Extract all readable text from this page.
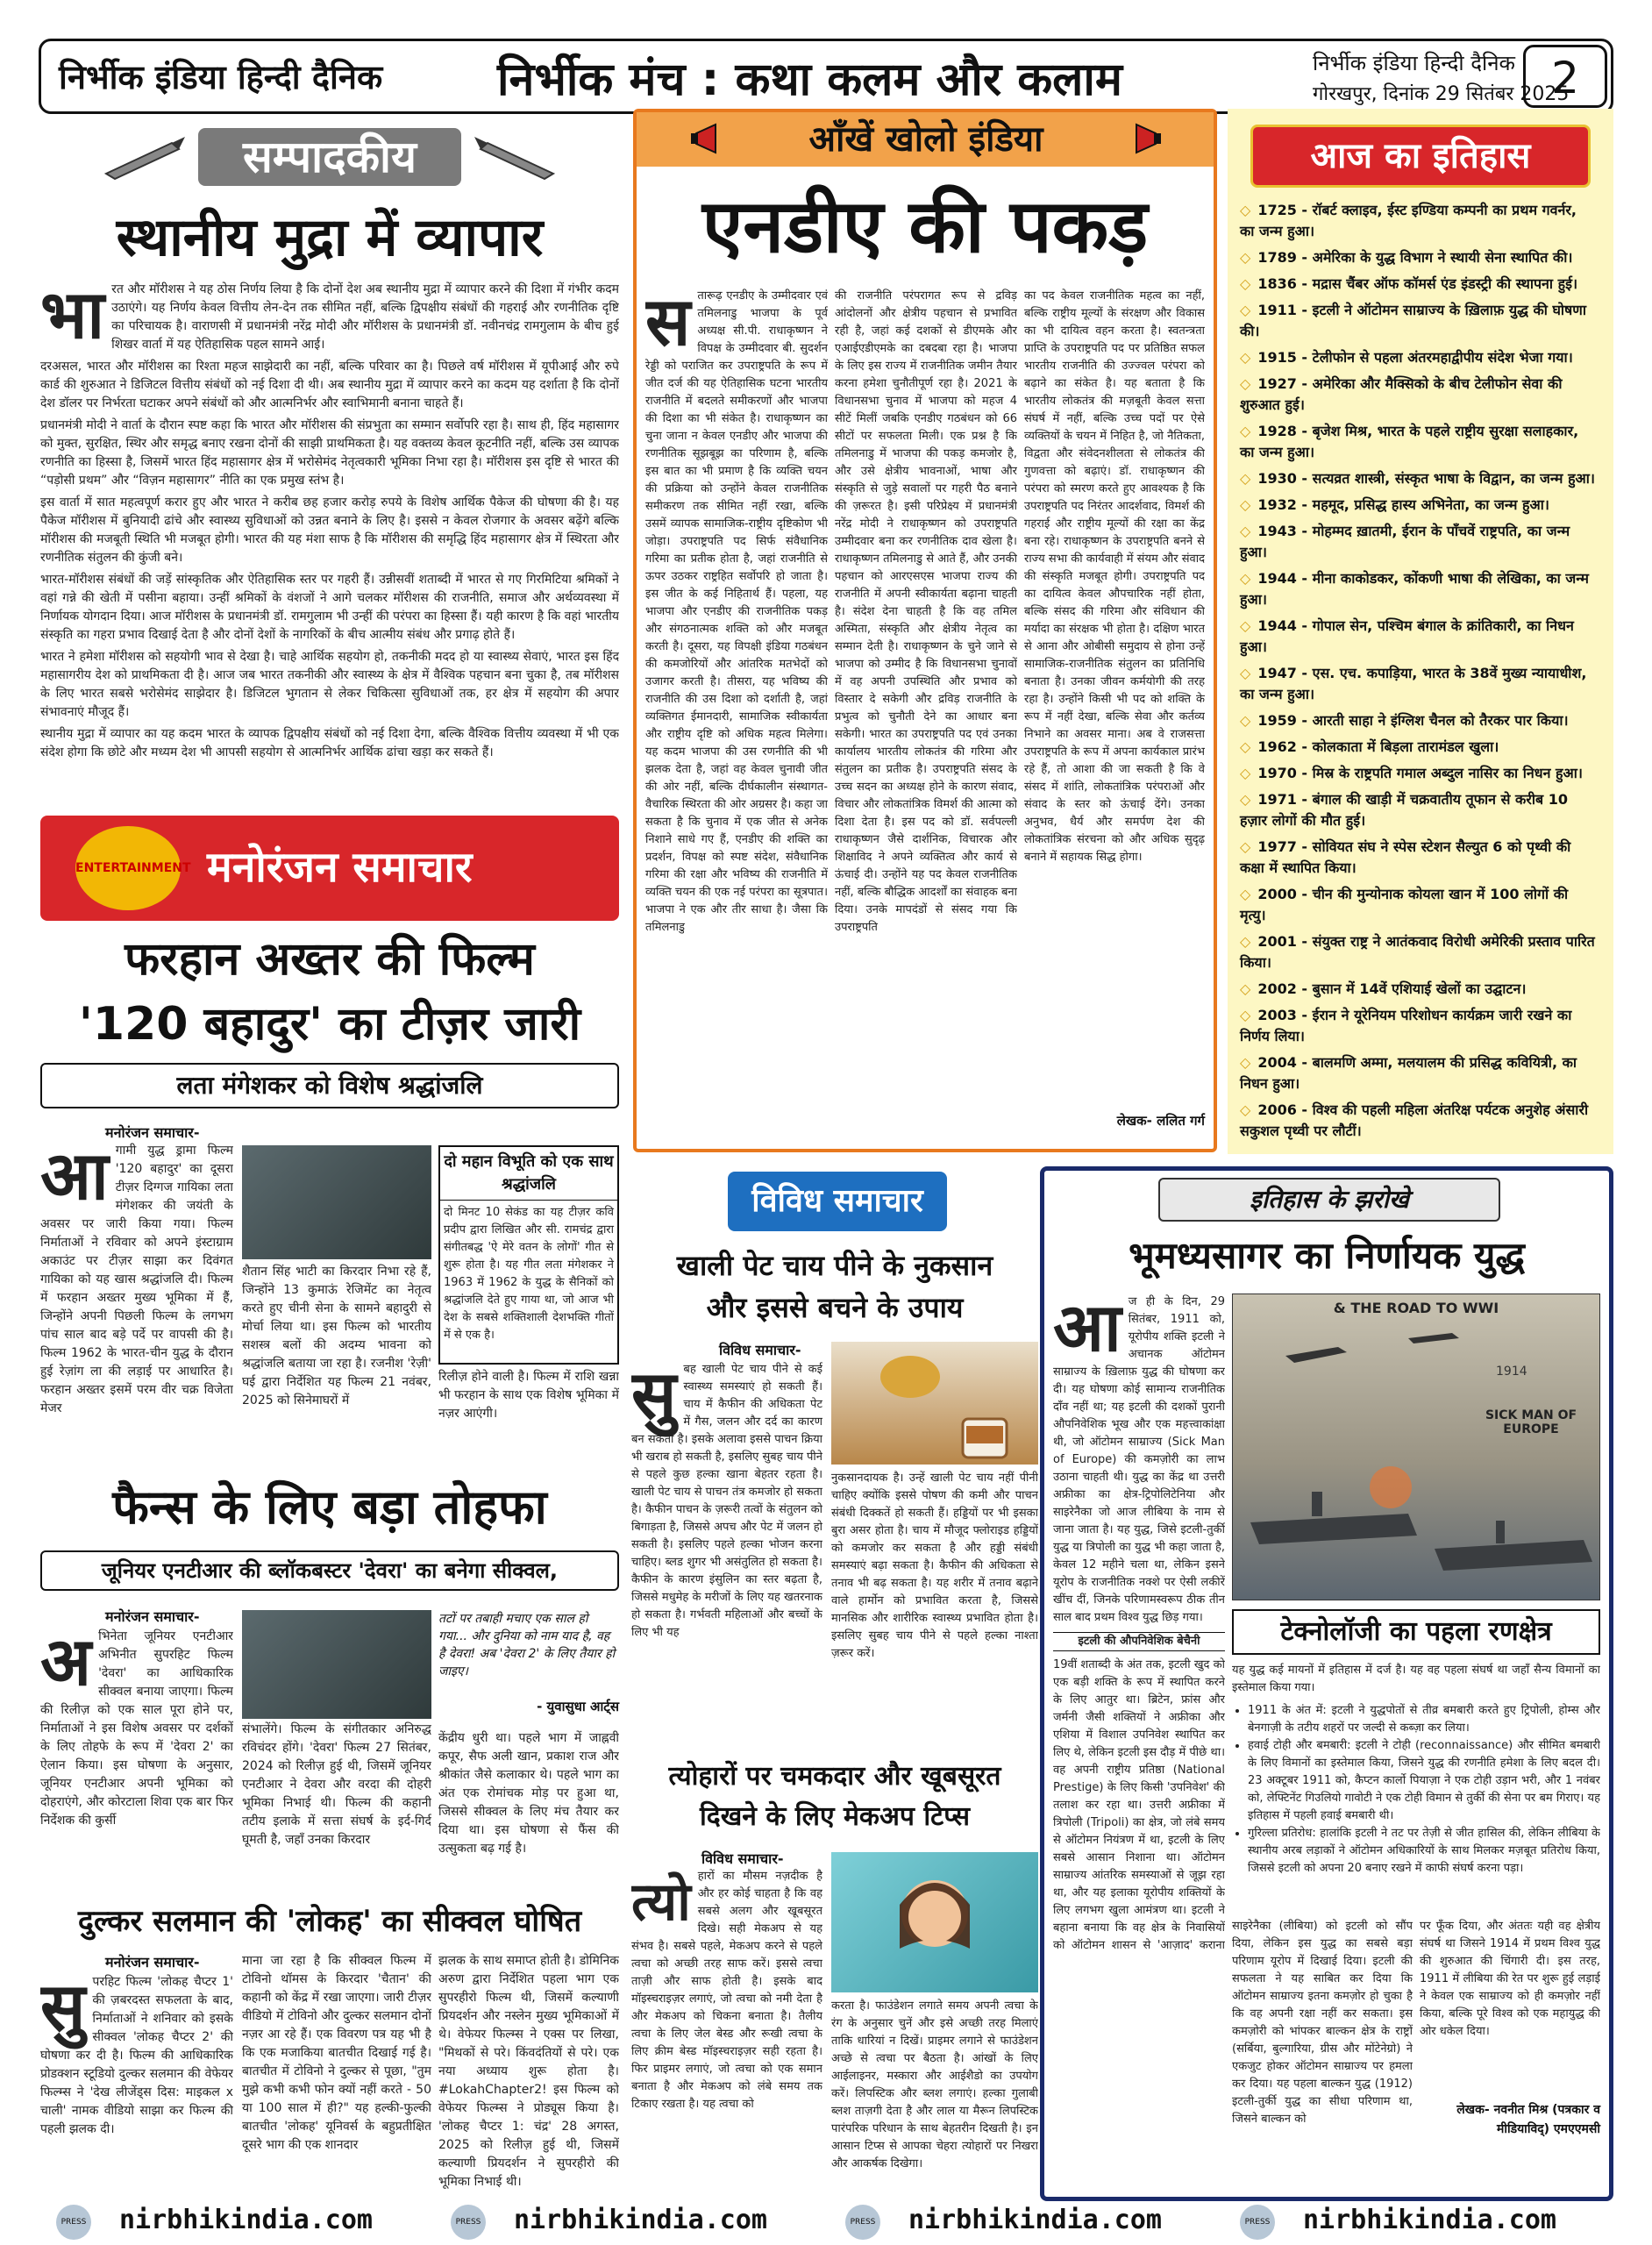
निर्भीक इंडिया हिन्दी दैनिक	निर्भीक मंच : कथा कलम और कलाम	निर्भीक इंडिया हिन्दी दैनिक
गोरखपुर, दिनांक 29 सितंबर 2025
2
सम्पादकीय
स्थानीय मुद्रा में व्यापार
भा रत और मॉरीशस ने यह ठोस निर्णय लिया है कि दोनों देश अब स्थानीय मुद्रा में व्यापार करने की दिशा में गंभीर कदम उठाएंगे। यह निर्णय केवल वित्तीय लेन-देन तक सीमित नहीं, बल्कि द्विपक्षीय संबंधों की गहराई और रणनीतिक दृष्टि का परिचायक है। वाराणसी में प्रधानमंत्री नरेंद्र मोदी और मॉरीशस के प्रधानमंत्री डॉ. नवीनचंद्र रामगुलाम के बीच हुई शिखर वार्ता में यह ऐतिहासिक पहल सामने आई।

दरअसल, भारत और मॉरीशस का रिश्ता महज साझेदारी का नहीं, बल्कि परिवार का है। पिछले वर्ष मॉरीशस में यूपीआई और रुपे कार्ड की शुरुआत ने डिजिटल वित्तीय संबंधों को नई दिशा दी थी। अब स्थानीय मुद्रा में व्यापार करने का कदम यह दर्शाता है कि दोनों देश डॉलर पर निर्भरता घटाकर अपने संबंधों को और आत्मनिर्भर और स्वाभिमानी बनाना चाहते हैं।

प्रधानमंत्री मोदी ने वार्ता के दौरान स्पष्ट कहा कि भारत और मॉरीशस की संप्रभुता का सम्मान सर्वोपरि रहा है। साथ ही, हिंद महासागर को मुक्त, सुरक्षित, स्थिर और समृद्ध बनाए रखना दोनों की साझी प्राथमिकता है। यह वक्तव्य केवल कूटनीति नहीं, बल्कि उस व्यापक रणनीति का हिस्सा है, जिसमें भारत हिंद महासागर क्षेत्र में भरोसेमंद नेतृत्वकारी भूमिका निभा रहा है। मॉरीशस इस दृष्टि से भारत की “पड़ोसी प्रथम” और “विज़न महासागर” नीति का एक प्रमुख स्तंभ है।

इस वार्ता में सात महत्वपूर्ण करार हुए और भारत ने करीब छह हजार करोड़ रुपये के विशेष आर्थिक पैकेज की घोषणा की है। यह पैकेज मॉरीशस में बुनियादी ढांचे और स्वास्थ्य सुविधाओं को उन्नत बनाने के लिए है। इससे न केवल रोजगार के अवसर बढ़ेंगे बल्कि मॉरीशस की मजबूती स्थिति भी मजबूत होगी। भारत की यह मंशा साफ है कि मॉरीशस की समृद्धि हिंद महासागर क्षेत्र में स्थिरता और रणनीतिक संतुलन की कुंजी बने।

भारत-मॉरीशस संबंधों की जड़ें सांस्कृतिक और ऐतिहासिक स्तर पर गहरी हैं। उन्नीसवीं शताब्दी में भारत से गए गिरमिटिया श्रमिकों ने वहां गन्ने की खेती में पसीना बहाया। उन्हीं श्रमिकों के वंशजों ने आगे चलकर मॉरीशस की राजनीति, समाज और अर्थव्यवस्था में निर्णायक योगदान दिया। आज मॉरीशस के प्रधानमंत्री डॉ. रामगुलाम भी उन्हीं की परंपरा का हिस्सा हैं। यही कारण है कि वहां भारतीय संस्कृति का गहरा प्रभाव दिखाई देता है और दोनों देशों के नागरिकों के बीच आत्मीय संबंध और प्रगाढ़ होते हैं।

भारत ने हमेशा मॉरीशस को सहयोगी भाव से देखा है। चाहे आर्थिक सहयोग हो, तकनीकी मदद हो या स्वास्थ्य सेवाएं, भारत इस हिंद महासागरीय देश को प्राथमिकता दी है। आज जब भारत तकनीकी और स्वास्थ्य के क्षेत्र में वैश्विक पहचान बना चुका है, तब मॉरीशस के लिए भारत सबसे भरोसेमंद साझेदार है। डिजिटल भुगतान से लेकर चिकित्सा सुविधाओं तक, हर क्षेत्र में सहयोग की अपार संभावनाएं मौजूद हैं।

स्थानीय मुद्रा में व्यापार का यह कदम भारत के व्यापक द्विपक्षीय संबंधों को नई दिशा देगा, बल्कि वैश्विक वित्तीय व्यवस्था में भी एक संदेश होगा कि छोटे और मध्यम देश भी आपसी सहयोग से आत्मनिर्भर आर्थिक ढांचा खड़ा कर सकते हैं।

ENTERTAINMENT मनोरंजन समाचार
फरहान अख्तर की फिल्म
'120 बहादुर' का टीज़र जारी
लता मंगेशकर को विशेष श्रद्धांजलि
मनोरंजन समाचार-
आ गामी युद्ध ड्रामा फिल्म '120 बहादुर' का दूसरा टीज़र दिग्गज गायिका लता मंगेशकर की जयंती के अवसर पर जारी किया गया। फिल्म निर्माताओं ने रविवार को अपने इंस्टाग्राम अकाउंट पर टीज़र साझा कर दिवंगत गायिका को यह खास श्रद्धांजलि दी। फिल्म में फरहान अख्तर मुख्य भूमिका में हैं, जिन्होंने अपनी पिछली फिल्म के लगभग पांच साल बाद बड़े पर्दे पर वापसी की है। फिल्म 1962 के भारत-चीन युद्ध के दौरान हुई रेज़ांग ला की लड़ाई पर आधारित है। फरहान अख्तर इसमें परम वीर चक्र विजेता मेजर
शैतान सिंह भाटी का किरदार निभा रहे हैं, जिन्होंने 13 कुमाऊं रेजिमेंट का नेतृत्व करते हुए चीनी सेना के सामने बहादुरी से मोर्चा लिया था। इस फिल्म को भारतीय सशस्त्र बलों की अदम्य भावना को श्रद्धांजलि बताया जा रहा है। रजनीश 'रेज़ी' घई द्वारा निर्देशित यह फिल्म 21 नवंबर, 2025 को सिनेमाघरों में
दो महान विभूति को एक साथ श्रद्धांजलि
दो मिनट 10 सेकंड का यह टीज़र कवि प्रदीप द्वारा लिखित और सी. रामचंद्र द्वारा संगीतबद्ध 'ऐ मेरे वतन के लोगों' गीत से शुरू होता है। यह गीत लता मंगेशकर ने 1963 में 1962 के युद्ध के सैनिकों को श्रद्धांजलि देते हुए गाया था, जो आज भी देश के सबसे शक्तिशाली देशभक्ति गीतों में से एक है।
रिलीज़ होने वाली है। फिल्म में राशि खन्ना भी फरहान के साथ एक विशेष भूमिका में नज़र आएंगी।
फैन्स के लिए बड़ा तोहफा
जूनियर एनटीआर की ब्लॉकबस्टर 'देवरा' का बनेगा सीक्वल,
मनोरंजन समाचार-
अ भिनेता जूनियर एनटीआर अभिनीत सुपरहिट फिल्म 'देवरा' का आधिकारिक सीक्वल बनाया जाएगा। फिल्म की रिलीज़ को एक साल पूरा होने पर, निर्माताओं ने इस विशेष अवसर पर दर्शकों के लिए तोहफे के रूप में 'देवरा 2' का ऐलान किया। इस घोषणा के अनुसार, जूनियर एनटीआर अपनी भूमिका को दोहराएंगे, और कोरटाला शिवा एक बार फिर निर्देशक की कुर्सी
संभालेंगे। फिल्म के संगीतकार अनिरुद्ध रविचंदर होंगे। 'देवरा' फिल्म 27 सितंबर, 2024 को रिलीज़ हुई थी, जिसमें जूनियर एनटीआर ने देवरा और वरदा की दोहरी भूमिका निभाई थी। फिल्म की कहानी तटीय इलाके में सत्ता संघर्ष के इर्द-गिर्द घूमती है, जहाँ उनका किरदार
तटों पर तबाही मचाए एक साल हो गया... और दुनिया को नाम याद है, वह है देवरा! अब 'देवरा 2' के लिए तैयार हो जाइए।
- युवासुधा आर्ट्स
केंद्रीय धुरी था। पहले भाग में जाह्नवी कपूर, सैफ अली खान, प्रकाश राज और श्रीकांत जैसे कलाकार थे। पहले भाग का अंत एक रोमांचक मोड़ पर हुआ था, जिससे सीक्वल के लिए मंच तैयार कर दिया था। इस घोषणा से फैंस की उत्सुकता बढ़ गई है।
दुल्कर सलमान की 'लोकह' का सीक्वल घोषित
मनोरंजन समाचार-
सु परहिट फिल्म 'लोकह चैप्टर 1' की ज़बरदस्त सफलता के बाद, निर्माताओं ने शनिवार को इसके सीक्वल 'लोकह चैप्टर 2' की घोषणा कर दी है। फिल्म की आधिकारिक प्रोडक्शन स्टूडियो दुल्कर सलमान की वेफेयर फिल्म्स ने 'देख लीजेंड्स दिस: माइकल x चाली' नामक वीडियो साझा कर फिल्म की पहली झलक दी।
माना जा रहा है कि सीक्वल फिल्म में टोविनो थॉमस के किरदार 'चैतान' की कहानी को केंद्र में रखा जाएगा। जारी टीज़र वीडियो में टोविनो और दुल्कर सलमान दोनों नज़र आ रहे हैं। एक विवरण पत्र यह भी है कि एक मजाकिया बातचीत दिखाई गई है। बातचीत में टोविनो ने दुल्कर से पूछा, "तुम मुझे कभी कभी फोन क्यों नहीं करते - 50 या 100 साल में ही?" यह हल्की-फुल्की बातचीत 'लोकह' यूनिवर्स के बहुप्रतीक्षित दूसरे भाग की एक शानदार
झलक के साथ समाप्त होती है। डोमिनिक अरुण द्वारा निर्देशित पहला भाग एक सुपरहीरो फिल्म थी, जिसमें कल्याणी प्रियदर्शन और नस्लेन मुख्य भूमिकाओं में थे। वेफेयर फिल्म्स ने एक्स पर लिखा, "मिथकों से परे। किंवदंतियों से परे। एक नया अध्याय शुरू होता है। #LokahChapter2! इस फिल्म को वेफेयर फिल्म्स ने प्रोड्यूस किया है। 'लोकह चैप्टर 1: चंद्र' 28 अगस्त, 2025 को रिलीज़ हुई थी, जिसमें कल्याणी प्रियदर्शन ने सुपरहीरो की भूमिका निभाई थी।
आँखें खोलो इंडिया
एनडीए की पकड़
स तारूढ़ एनडीए के उम्मीदवार एवं तमिलनाडु भाजपा के पूर्व अध्यक्ष सी.पी. राधाकृष्णन ने विपक्ष के उम्मीदवार बी. सुदर्शन रेड्डी को पराजित कर उपराष्ट्रपति के रूप में जीत दर्ज की यह ऐतिहासिक घटना भारतीय राजनीति में बदलते समीकरणों और भाजपा की दिशा का भी संकेत है। राधाकृष्णन का चुना जाना न केवल एनडीए और भाजपा की रणनीतिक सूझबूझ का परिणाम है, बल्कि इस बात का भी प्रमाण है कि व्यक्ति चयन की प्रक्रिया को उन्होंने केवल राजनीतिक समीकरण तक सीमित नहीं रखा, बल्कि उसमें व्यापक सामाजिक-राष्ट्रीय दृष्टिकोण भी जोड़ा। उपराष्ट्रपति पद सिर्फ संवैधानिक गरिमा का प्रतीक होता है, जहां राजनीति से ऊपर उठकर राष्ट्रहित सर्वोपरि हो जाता है। इस जीत के कई निहितार्थ हैं। पहला, यह भाजपा और एनडीए की राजनीतिक पकड़ और संगठनात्मक शक्ति को और मजबूत करती है। दूसरा, यह विपक्षी इंडिया गठबंधन की कमजोरियों और आंतरिक मतभेदों को उजागर करती है। तीसरा, यह भविष्य की राजनीति की उस दिशा को दर्शाती है, जहां व्यक्तिगत ईमानदारी, सामाजिक स्वीकार्यता और राष्ट्रीय दृष्टि को अधिक महत्व मिलेगा। यह कदम भाजपा की उस रणनीति की भी झलक देता है, जहां वह केवल चुनावी जीत की ओर नहीं, बल्कि दीर्घकालीन संस्थागत-वैचारिक स्थिरता की ओर अग्रसर है। कहा जा सकता है कि चुनाव में एक जीत से अनेक निशाने साधे गए हैं, एनडीए की शक्ति का प्रदर्शन, विपक्ष को स्पष्ट संदेश, संवैधानिक गरिमा की रक्षा और भविष्य की राजनीति में व्यक्ति चयन की एक नई परंपरा का सूत्रपात। भाजपा ने एक और तीर साधा है। जैसा कि तमिलनाडु
की राजनीति परंपरागत रूप से द्रविड़ आंदोलनों और क्षेत्रीय पहचान से प्रभावित रही है, जहां कई दशकों से डीएमके और एआईएडीएमके का दबदबा रहा है। भाजपा के लिए इस राज्य में राजनीतिक जमीन तैयार करना हमेशा चुनौतीपूर्ण रहा है। 2021 के विधानसभा चुनाव में भाजपा को महज 4 सीटें मिलीं जबकि एनडीए गठबंधन को 66 सीटों पर सफलता मिली। एक प्रश्न है कि तमिलनाडु में भाजपा की पकड़ कमजोर है, और उसे क्षेत्रीय भावनाओं, भाषा और संस्कृति से जुड़े सवालों पर गहरी पैठ बनाने की ज़रूरत है। इसी परिप्रेक्ष्य में प्रधानमंत्री नरेंद्र मोदी ने राधाकृष्णन को उपराष्ट्रपति उम्मीदवार बना कर रणनीतिक दाव खेला है। राधाकृष्णन तमिलनाडु से आते हैं, और उनकी पहचान को आरएसएस भाजपा राज्य की राजनीति में अपनी स्वीकार्यता बढ़ाना चाहती है। संदेश देना चाहती है कि वह तमिल अस्मिता, संस्कृति और क्षेत्रीय नेतृत्व का सम्मान देती है। राधाकृष्णन के चुने जाने से भाजपा को उम्मीद है कि विधानसभा चुनावों में वह अपनी उपस्थिति और प्रभाव को विस्तार दे सकेगी और द्रविड़ राजनीति के प्रभुत्व को चुनौती देने का आधार बना सकेगी। भारत का उपराष्ट्रपति पद एवं उनका कार्यालय भारतीय लोकतंत्र की गरिमा और संतुलन का प्रतीक है। उपराष्ट्रपति संसद के उच्च सदन का अध्यक्ष होने के कारण संवाद, विचार और लोकतांत्रिक विमर्श की आत्मा को दिशा देता है। इस पद को डॉ. सर्वपल्ली राधाकृष्णन जैसे दार्शनिक, विचारक और शिक्षाविद ने अपने व्यक्तित्व और कार्य से ऊंचाई दी। उन्होंने यह पद केवल राजनीतिक नहीं, बल्कि बौद्धिक आदर्शों का संवाहक बना दिया। उनके मापदंडों से संसद गया कि उपराष्ट्रपति
का पद केवल राजनीतिक महत्व का नहीं, बल्कि राष्ट्रीय मूल्यों के संरक्षण और विकास का भी दायित्व वहन करता है। स्वतन्त्रता प्राप्ति के उपराष्ट्रपति पद पर प्रतिष्ठित सफल भारतीय राजनीति की उज्ज्वल परंपरा को बढ़ाने का संकेत है। यह बताता है कि भारतीय लोकतंत्र की मज़बूती केवल सत्ता संघर्ष में नहीं, बल्कि उच्च पदों पर ऐसे व्यक्तियों के चयन में निहित है, जो नैतिकता, विद्वता और संवेदनशीलता से लोकतंत्र की गुणवत्ता को बढ़ाएं। डॉ. राधाकृष्णन की परंपरा को स्मरण करते हुए आवश्यक है कि उपराष्ट्रपति पद निरंतर आदर्शवाद, विमर्श की गहराई और राष्ट्रीय मूल्यों की रक्षा का केंद्र बना रहे। राधाकृष्णन के उपराष्ट्रपति बनने से राज्य सभा की कार्यवाही में संयम और संवाद की संस्कृति मजबूत होगी। उपराष्ट्रपति पद का दायित्व केवल औपचारिक नहीं होता, बल्कि संसद की गरिमा और संविधान की मर्यादा का संरक्षक भी होता है। दक्षिण भारत से आना और ओबीसी समुदाय से होना उन्हें सामाजिक-राजनीतिक संतुलन का प्रतिनिधि बनाता है। उनका जीवन कर्मयोगी की तरह रहा है। उन्होंने किसी भी पद को शक्ति के रूप में नहीं देखा, बल्कि सेवा और कर्तव्य निभाने का अवसर माना। अब वे राजसत्ता उपराष्ट्रपति के रूप में अपना कार्यकाल प्रारंभ रहे हैं, तो आशा की जा सकती है कि वे संसद में शांति, लोकतांत्रिक परंपराओं और संवाद के स्तर को ऊंचाई देंगे। उनका अनुभव, धैर्य और समर्पण देश की लोकतांत्रिक संरचना को और अधिक सुदृढ़ बनाने में सहायक सिद्ध होगा।
लेखक- ललित गर्ग
विविध समाचार
खाली पेट चाय पीने के नुकसान
और इससे बचने के उपाय
विविध समाचार-
सु बह खाली पेट चाय पीने से कई स्वास्थ्य समस्याएं हो सकती हैं। चाय में कैफीन की अधिकता पेट में गैस, जलन और दर्द का कारण बन सकती है। इसके अलावा इससे पाचन क्रिया भी खराब हो सकती है, इसलिए सुबह चाय पीने से पहले कुछ हल्का खाना बेहतर रहता है। खाली पेट चाय से पाचन तंत्र कमजोर हो सकता है। कैफीन पाचन के ज़रूरी तत्वों के संतुलन को बिगाड़ता है, जिससे अपच और पेट में जलन हो सकती है। इसलिए पहले हल्का भोजन करना चाहिए। ब्लड शुगर भी असंतुलित हो सकता है। कैफीन के कारण इंसुलिन का स्तर बढ़ता है, जिससे मधुमेह के मरीजों के लिए यह खतरनाक हो सकता है। गर्भवती महिलाओं और बच्चों के लिए भी यह
नुकसानदायक है। उन्हें खाली पेट चाय नहीं पीनी चाहिए क्योंकि इससे पोषण की कमी और पाचन संबंधी दिक्कतें हो सकती हैं। हड्डियों पर भी इसका बुरा असर होता है। चाय में मौजूद फ्लोराइड हड्डियों को कमजोर कर सकता है और हड्डी संबंधी समस्याएं बढ़ा सकता है। कैफीन की अधिकता से तनाव भी बढ़ सकता है। यह शरीर में तनाव बढ़ाने वाले हार्मोन को प्रभावित करता है, जिससे मानसिक और शारीरिक स्वास्थ्य प्रभावित होता है। इसलिए सुबह चाय पीने से पहले हल्का नाश्ता ज़रूर करें।
त्योहारों पर चमकदार और खूबसूरत
दिखने के लिए मेकअप टिप्स
विविध समाचार-
त्यो हारों का मौसम नज़दीक है और हर कोई चाहता है कि वह सबसे अलग और खूबसूरत दिखे। सही मेकअप से यह संभव है। सबसे पहले, मेकअप करने से पहले त्वचा को अच्छी तरह साफ करें। इससे त्वचा ताज़ी और साफ होती है। इसके बाद मॉइस्चराइज़र लगाएं, जो त्वचा को नमी देता है और मेकअप को चिकना बनाता है। तैलीय त्वचा के लिए जेल बेस्ड और रूखी त्वचा के लिए क्रीम बेस्ड मॉइस्चराइज़र सही रहता है। फिर प्राइमर लगाएं, जो त्वचा को एक समान बनाता है और मेकअप को लंबे समय तक टिकाए रखता है। यह त्वचा को
करता है। फाउंडेशन लगाते समय अपनी त्वचा के रंग के अनुसार चुनें और इसे अच्छी तरह मिलाएं ताकि धारियां न दिखें। प्राइमर लगाने से फाउंडेशन अच्छे से त्वचा पर बैठता है। आंखों के लिए आईलाइनर, मस्कारा और आईशैडो का उपयोग करें। लिपस्टिक और ब्लश लगाएं। हल्का गुलाबी ब्लश ताज़गी देता है और लाल या मैरून लिपस्टिक पारंपरिक परिधान के साथ बेहतरीन दिखती है। इन आसान टिप्स से आपका चेहरा त्योहारों पर निखरा और आकर्षक दिखेगा।
आज का इतिहास
◇ 1725 - रॉबर्ट क्लाइव, ईस्ट इण्डिया कम्पनी का प्रथम गवर्नर, का जन्म हुआ।
◇ 1789 - अमेरिका के युद्ध विभाग ने स्थायी सेना स्थापित की।
◇ 1836 - मद्रास चैंबर ऑफ कॉमर्स एंड इंडस्ट्री की स्थापना हुई।
◇ 1911 - इटली ने ऑटोमन साम्राज्य के ख़िलाफ़ युद्ध की घोषणा की।
◇ 1915 - टेलीफोन से पहला अंतरमहाद्वीपीय संदेश भेजा गया।
◇ 1927 - अमेरिका और मैक्सिको के बीच टेलीफोन सेवा की शुरुआत हुई।
◇ 1928 - बृजेश मिश्र, भारत के पहले राष्ट्रीय सुरक्षा सलाहकार, का जन्म हुआ।
◇ 1930 - सत्यव्रत शास्त्री, संस्कृत भाषा के विद्वान, का जन्म हुआ।
◇ 1932 - महमूद, प्रसिद्ध हास्य अभिनेता, का जन्म हुआ।
◇ 1943 - मोहम्मद ख़ातमी, ईरान के पाँचवें राष्ट्रपति, का जन्म हुआ।
◇ 1944 - मीना काकोडकर, कोंकणी भाषा की लेखिका, का जन्म हुआ।
◇ 1944 - गोपाल सेन, पश्चिम बंगाल के क्रांतिकारी, का निधन हुआ।
◇ 1947 - एस. एच. कपाड़िया, भारत के 38वें मुख्य न्यायाधीश, का जन्म हुआ।
◇ 1959 - आरती साहा ने इंग्लिश चैनल को तैरकर पार किया।
◇ 1962 - कोलकाता में बिड़ला तारामंडल खुला।
◇ 1970 - मिस्र के राष्ट्रपति गमाल अब्दुल नासिर का निधन हुआ।
◇ 1971 - बंगाल की खाड़ी में चक्रवातीय तूफान से करीब 10 हज़ार लोगों की मौत हुई।
◇ 1977 - सोवियत संघ ने स्पेस स्टेशन सैल्युत 6 को पृथ्वी की कक्षा में स्थापित किया।
◇ 2000 - चीन की मुन्योनाक कोयला खान में 100 लोगों की मृत्यु।
◇ 2001 - संयुक्त राष्ट्र ने आतंकवाद विरोधी अमेरिकी प्रस्ताव पारित किया।
◇ 2002 - बुसान में 14वें एशियाई खेलों का उद्घाटन।
◇ 2003 - ईरान ने यूरेनियम परिशोधन कार्यक्रम जारी रखने का निर्णय लिया।
◇ 2004 - बालमणि अम्मा, मलयालम की प्रसिद्ध कवियित्री, का निधन हुआ।
◇ 2006 - विश्व की पहली महिला अंतरिक्ष पर्यटक अनुशेह अंसारी सकुशल पृथ्वी पर लौटीं।
इतिहास के झरोखे
भूमध्यसागर का निर्णायक युद्ध
आ ज ही के दिन, 29 सितंबर, 1911 को, यूरोपीय शक्ति इटली ने अचानक ऑटोमन साम्राज्य के ख़िलाफ़ युद्ध की घोषणा कर दी। यह घोषणा कोई सामान्य राजनीतिक दाँव नहीं था; यह इटली की दशकों पुरानी औपनिवेशिक भूख और एक महत्त्वाकांक्षा थी, जो ऑटोमन साम्राज्य (Sick Man of Europe) की कमज़ोरी का लाभ उठाना चाहती थी। युद्ध का केंद्र था उत्तरी अफ्रीका का क्षेत्र-ट्रिपोलिटेनिया और साइरेनैका जो आज लीबिया के नाम से जाना जाता है। यह युद्ध, जिसे इटली-तुर्की युद्ध या त्रिपोली का युद्ध भी कहा जाता है, केवल 12 महीने चला था, लेकिन इसने यूरोप के राजनीतिक नक्शे पर ऐसी लकीरें खींच दीं, जिनके परिणामस्वरूप ठीक तीन साल बाद प्रथम विश्व युद्ध छिड़ गया।
इटली की औपनिवेशिक बेचैनी
19वीं शताब्दी के अंत तक, इटली खुद को एक बड़ी शक्ति के रूप में स्थापित करने के लिए आतुर था। ब्रिटेन, फ्रांस और जर्मनी जैसी शक्तियों ने अफ्रीका और एशिया में विशाल उपनिवेश स्थापित कर लिए थे, लेकिन इटली इस दौड़ में पीछे था। वह अपनी राष्ट्रीय प्रतिष्ठा (National Prestige) के लिए किसी 'उपनिवेश' की तलाश कर रहा था। उत्तरी अफ्रीका में त्रिपोली (Tripoli) का क्षेत्र, जो लंबे समय से ऑटोमन नियंत्रण में था, इटली के लिए सबसे आसान निशाना था। ऑटोमन साम्राज्य आंतरिक समस्याओं से जूझ रहा था, और यह इलाका यूरोपीय शक्तियों के लिए लगभग खुला आमंत्रण था। इटली ने बहाना बनाया कि वह क्षेत्र के निवासियों को ऑटोमन शासन से 'आज़ाद' कराना
& THE ROAD TO WWI
1914
SICK MAN OF EUROPE
टेक्नोलॉजी का पहला रणक्षेत्र
यह युद्ध कई मायनों में इतिहास में दर्ज है। यह वह पहला संघर्ष था जहाँ सैन्य विमानों का इस्तेमाल किया गया।
• 1911 के अंत में: इटली ने युद्धपोतों से तीव्र बमबारी करते हुए ट्रिपोली, होम्स और बेनगाज़ी के तटीय शहरों पर जल्दी से कब्ज़ा कर लिया।
• हवाई टोही और बमबारी: इटली ने टोही (reconnaissance) और सीमित बमबारी के लिए विमानों का इस्तेमाल किया, जिसने युद्ध की रणनीति हमेशा के लिए बदल दी। 23 अक्टूबर 1911 को, कैप्टन कार्लो पियाज़ा ने एक टोही उड़ान भरी, और 1 नवंबर को, लेफ्टिनेंट गिउलियो गावोटी ने एक टोही विमान से तुर्की की सेना पर बम गिराए। यह इतिहास में पहली हवाई बमबारी थी।
• गुरिल्ला प्रतिरोध: हालांकि इटली ने तट पर तेज़ी से जीत हासिल की, लेकिन लीबिया के स्थानीय अरब लड़ाकों ने ऑटोमन अधिकारियों के साथ मिलकर मज़बूत प्रतिरोध किया, जिससे इटली को अपना 20 बनाए रखने में काफी संघर्ष करना पड़ा।
साइरेनैका (लीबिया) को इटली को सौंप दिया, लेकिन इस युद्ध का सबसे बड़ा परिणाम यूरोप में दिखाई दिया। इटली की सफलता ने यह साबित कर दिया कि ऑटोमन साम्राज्य इतना कमज़ोर हो चुका है कि वह अपनी रक्षा नहीं कर सकता। इस कमज़ोरी को भांपकर बाल्कन क्षेत्र के राष्ट्रों (सर्बिया, बुल्गारिया, ग्रीस और मोंटेनेग्रो) ने एकजुट होकर ऑटोमन साम्राज्य पर हमला कर दिया। यह पहला बाल्कन युद्ध (1912) इटली-तुर्की युद्ध का सीधा परिणाम था, जिसने बाल्कन को
पर फूँक दिया, और अंततः यही वह क्षेत्रीय संघर्ष था जिसने 1914 में प्रथम विश्व युद्ध की शुरुआत की चिंगारी दी। इस तरह, 1911 में लीबिया की रेत पर शुरू हुई लड़ाई ने केवल एक साम्राज्य को ही कमज़ोर नहीं किया, बल्कि पूरे विश्व को एक महायुद्ध की ओर धकेल दिया।
लेखक- नवनीत मिश्र (पत्रकार व मीडियाविद्) एमएएमसी
PRESS nirbhikindia.com	PRESS nirbhikindia.com	PRESS nirbhikindia.com	PRESS nirbhikindia.com
